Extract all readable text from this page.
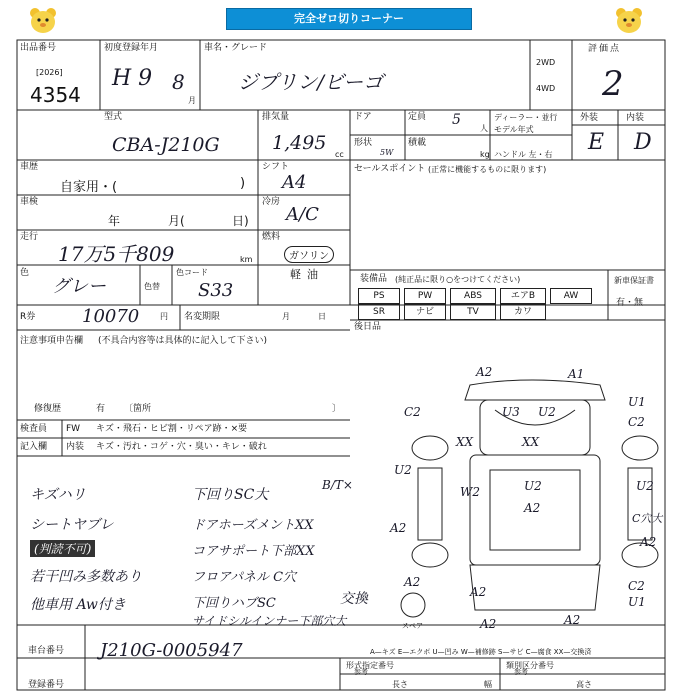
完全ゼロ切りコーナー
出品番号
[2026]
4354
初度登録年月
H 9 8
月
車名・グレード
ジプリン/ビーゴ
2WD
4WD
評価点
2
型式
CBA-J210G
排気量
1,495
cc
ドア	定員 5
人
ディーラー・並行
モデル年式
形状
5W
積載
kg ハンドル 左・右
外装	内装
E D
車歴
自家用・(	)
シフト
A4
車検
年	月(	日)
冷房
A/C
走行
17万5千809	km
燃料
ガソリン
軽油
色
グレー	色替
色コード
S33
R券	10070	円 名変期限	月	日
セールスポイント (正常に機能するものに限ります)
装備品 (純正品に限り○をつけてください)
PS	PW	ABS	エアB	AW
SR	ナビ	TV	カワ
新車保証書
有・無
後日品
注意事項申告欄 (不具合内容等は具体的に記入して下さい)
修復歴	有 〔箇所	〕
検査員 FW キズ・飛石・ヒビ割・リペア跡・×要
記入欄 内装 キズ・汚れ・コゲ・穴・臭い・キレ・破れ
キズハリ
シートヤブレ
(判読不可)
若干凹み多数あり
他車用 Aw付き
下回りSC大
B/T×
ドアホーズメントXX
コアサポート下部XX
フロアパネル C穴
下回りハブSC
サイドシルインナー下部穴大
交換
A2	A1
U3 U2
C2
U1
C2
XX	XX
U2
W2	U2
A2
U2
C穴大
A2
A2
A2	C2
U1
A2
A2	A2
スペア
A—キズ E—エクボ U—凹み W—補修跡 S—サビ C—腐食 XX—交換済
車台番号 J210G-0005947
登録番号
形式指定番号
参考
類別区分番号
参考
長さ	幅	高さ
